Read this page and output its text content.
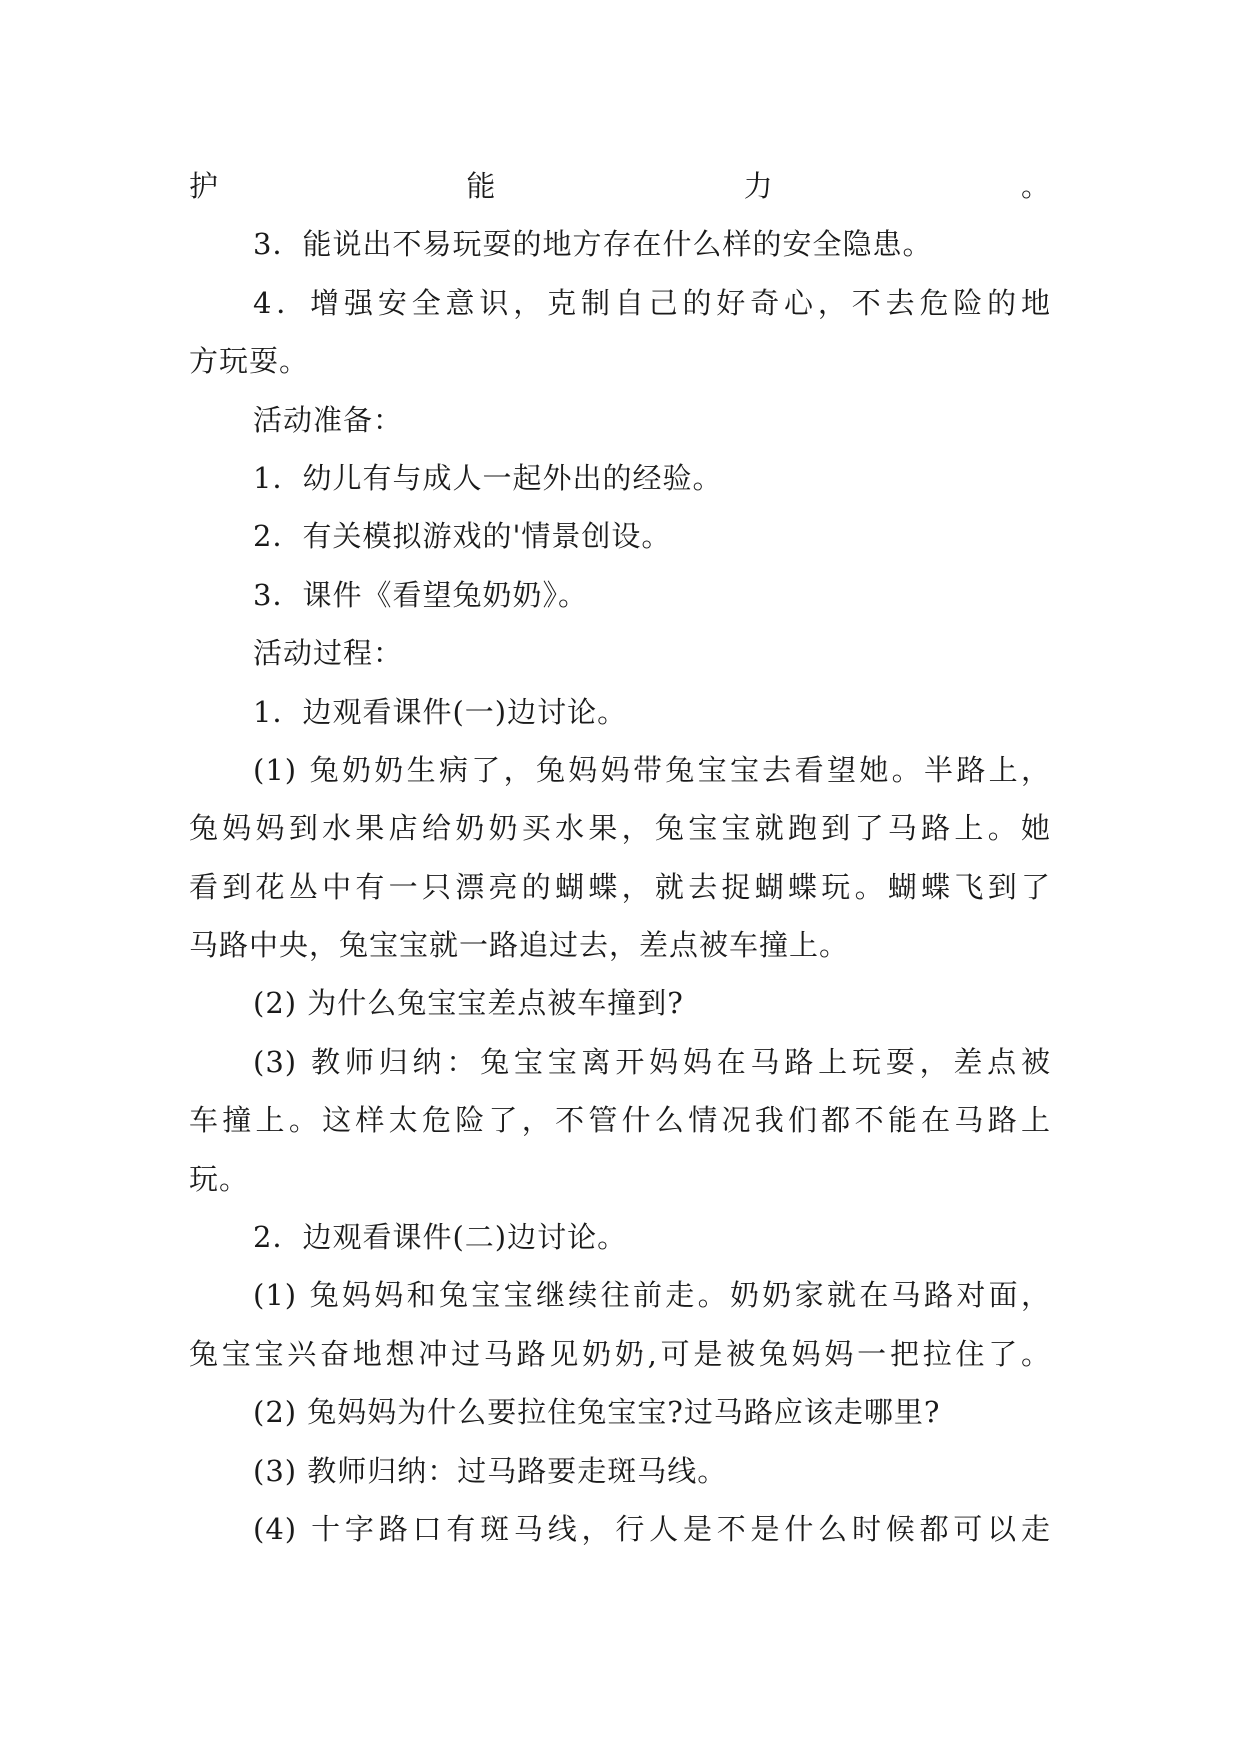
护能力。
3．能说出不易玩耍的地方存在什么样的安全隐患。
4．增强安全意识，克制自己的好奇心，不去危险的地
方玩耍。
活动准备：
1．幼儿有与成人一起外出的经验。
2．有关模拟游戏的'情景创设。
3．课件《看望兔奶奶》。
活动过程：
1．边观看课件(一)边讨论。
(1) 兔奶奶生病了，兔妈妈带兔宝宝去看望她。半路上，
兔妈妈到水果店给奶奶买水果，兔宝宝就跑到了马路上。她
看到花丛中有一只漂亮的蝴蝶，就去捉蝴蝶玩。蝴蝶飞到了
马路中央，兔宝宝就一路追过去，差点被车撞上。
(2) 为什么兔宝宝差点被车撞到?
(3) 教师归纳：兔宝宝离开妈妈在马路上玩耍，差点被
车撞上。这样太危险了，不管什么情况我们都不能在马路上
玩。
2．边观看课件(二)边讨论。
(1) 兔妈妈和兔宝宝继续往前走。奶奶家就在马路对面，
兔宝宝兴奋地想冲过马路见奶奶,可是被兔妈妈一把拉住了。
(2) 兔妈妈为什么要拉住兔宝宝?过马路应该走哪里?
(3) 教师归纳：过马路要走斑马线。
(4) 十字路口有斑马线，行人是不是什么时候都可以走
